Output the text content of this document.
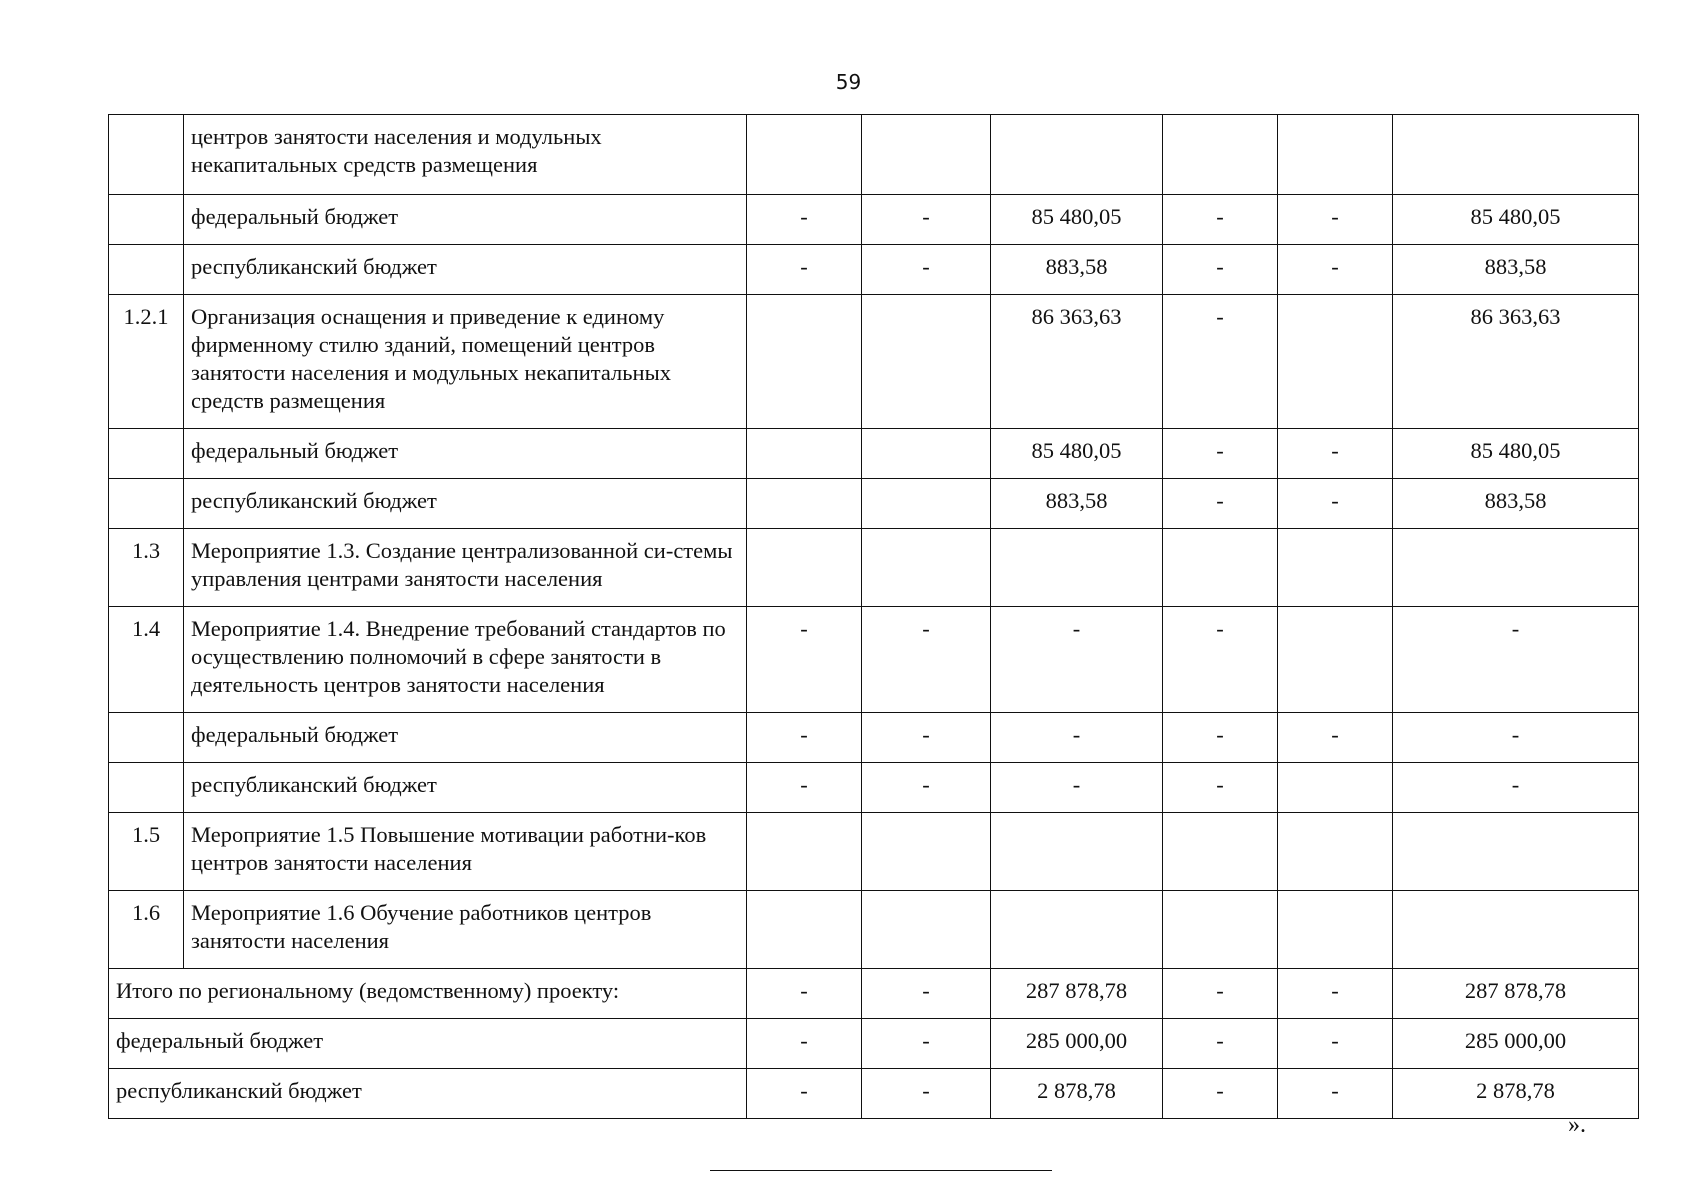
59
	центров занятости населения и модульных некапитальных средств размещения						
	федеральный бюджет	-	-	85 480,05	-	-	85 480,05
	республиканский бюджет	-	-	883,58	-	-	883,58
1.2.1	Организация оснащения и приведение к единому фирменному стилю зданий, помещений центров занятости населения и модульных некапитальных средств размещения			86 363,63	-		86 363,63
	федеральный бюджет			85 480,05	-	-	85 480,05
	республиканский бюджет			883,58	-	-	883,58
1.3	Мероприятие 1.3. Создание централизованной си-стемы управления центрами занятости населения						
1.4	Мероприятие 1.4. Внедрение требований стандартов по осуществлению полномочий в сфере занятости в деятельность центров занятости населения	-	-	-	-		-
	федеральный бюджет	-	-	-	-	-	-
	республиканский бюджет	-	-	-	-		-
1.5	Мероприятие 1.5 Повышение мотивации работни-ков центров занятости населения						
1.6	Мероприятие 1.6 Обучение работников центров занятости населения						
Итого по региональному (ведомственному) проекту:		-	-	287 878,78	-	-	287 878,78
федеральный бюджет		-	-	285 000,00	-	-	285 000,00
республиканский бюджет		-	-	2 878,78	-	-	2 878,78
».
